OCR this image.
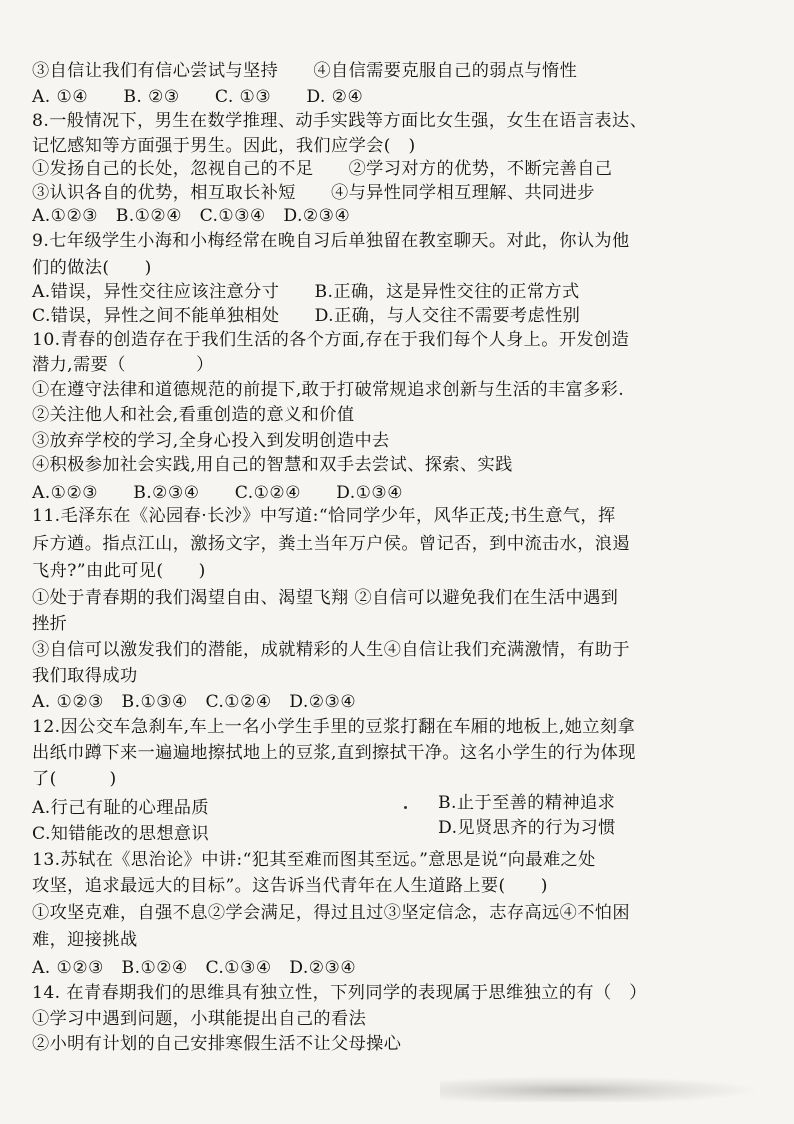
③自信让我们有信心尝试与坚持　　④自信需要克服自己的弱点与惰性
A. ①④　　B. ②③　　C. ①③　　D. ②④
8.一般情况下，男生在数学推理、动手实践等方面比女生强，女生在语言表达、
记忆感知等方面强于男生。因此，我们应学会(　)
①发扬自己的长处，忽视自己的不足　　②学习对方的优势，不断完善自己
③认识各自的优势，相互取长补短　　④与异性同学相互理解、共同进步
A.①②③　B.①②④　C.①③④　D.②③④
9.七年级学生小海和小梅经常在晚自习后单独留在教室聊天。对此，你认为他
们的做法(　　)
A.错误，异性交往应该注意分寸　　B.正确，这是异性交往的正常方式
C.错误，异性之间不能单独相处　　D.正确，与人交往不需要考虑性别
10.青春的创造存在于我们生活的各个方面,存在于我们每个人身上。开发创造
潜力,需要（　　　　）
①在遵守法律和道德规范的前提下,敢于打破常规追求创新与生活的丰富多彩.
②关注他人和社会,看重创造的意义和价值
③放弃学校的学习,全身心投入到发明创造中去
④积极参加社会实践,用自己的智慧和双手去尝试、探索、实践
A.①②③　　B.②③④　　C.①②④　　D.①③④
11.毛泽东在《沁园春·长沙》中写道:“恰同学少年，风华正茂;书生意气，挥
斥方遒。指点江山，激扬文字，粪土当年万户侯。曾记否，到中流击水，浪遏
飞舟?”由此可见(　　)
①处于青春期的我们渴望自由、渴望飞翔 ②自信可以避免我们在生活中遇到
挫折
③自信可以激发我们的潜能，成就精彩的人生④自信让我们充满激情，有助于
我们取得成功
A. ①②③　B.①③④　C.①②④　D.②③④
12.因公交车急刹车,车上一名小学生手里的豆浆打翻在车厢的地板上,她立刻拿
出纸巾蹲下来一遍遍地擦拭地上的豆浆,直到擦拭干净。这名小学生的行为体现
了(　　　)
A.行己有耻的心理品质	B.止于至善的精神追求
C.知错能改的思想意识	D.见贤思齐的行为习惯
13.苏轼在《思治论》中讲:“犯其至难而图其至远。”意思是说“向最难之处
攻坚，追求最远大的目标”。这告诉当代青年在人生道路上要(　　)
①攻坚克难，自强不息②学会满足，得过且过③坚定信念，志存高远④不怕困
难，迎接挑战
A. ①②③　B.①②④　C.①③④　D.②③④
14. 在青春期我们的思维具有独立性，下列同学的表现属于思维独立的有（　）
①学习中遇到问题，小琪能提出自己的看法
②小明有计划的自己安排寒假生活不让父母操心
